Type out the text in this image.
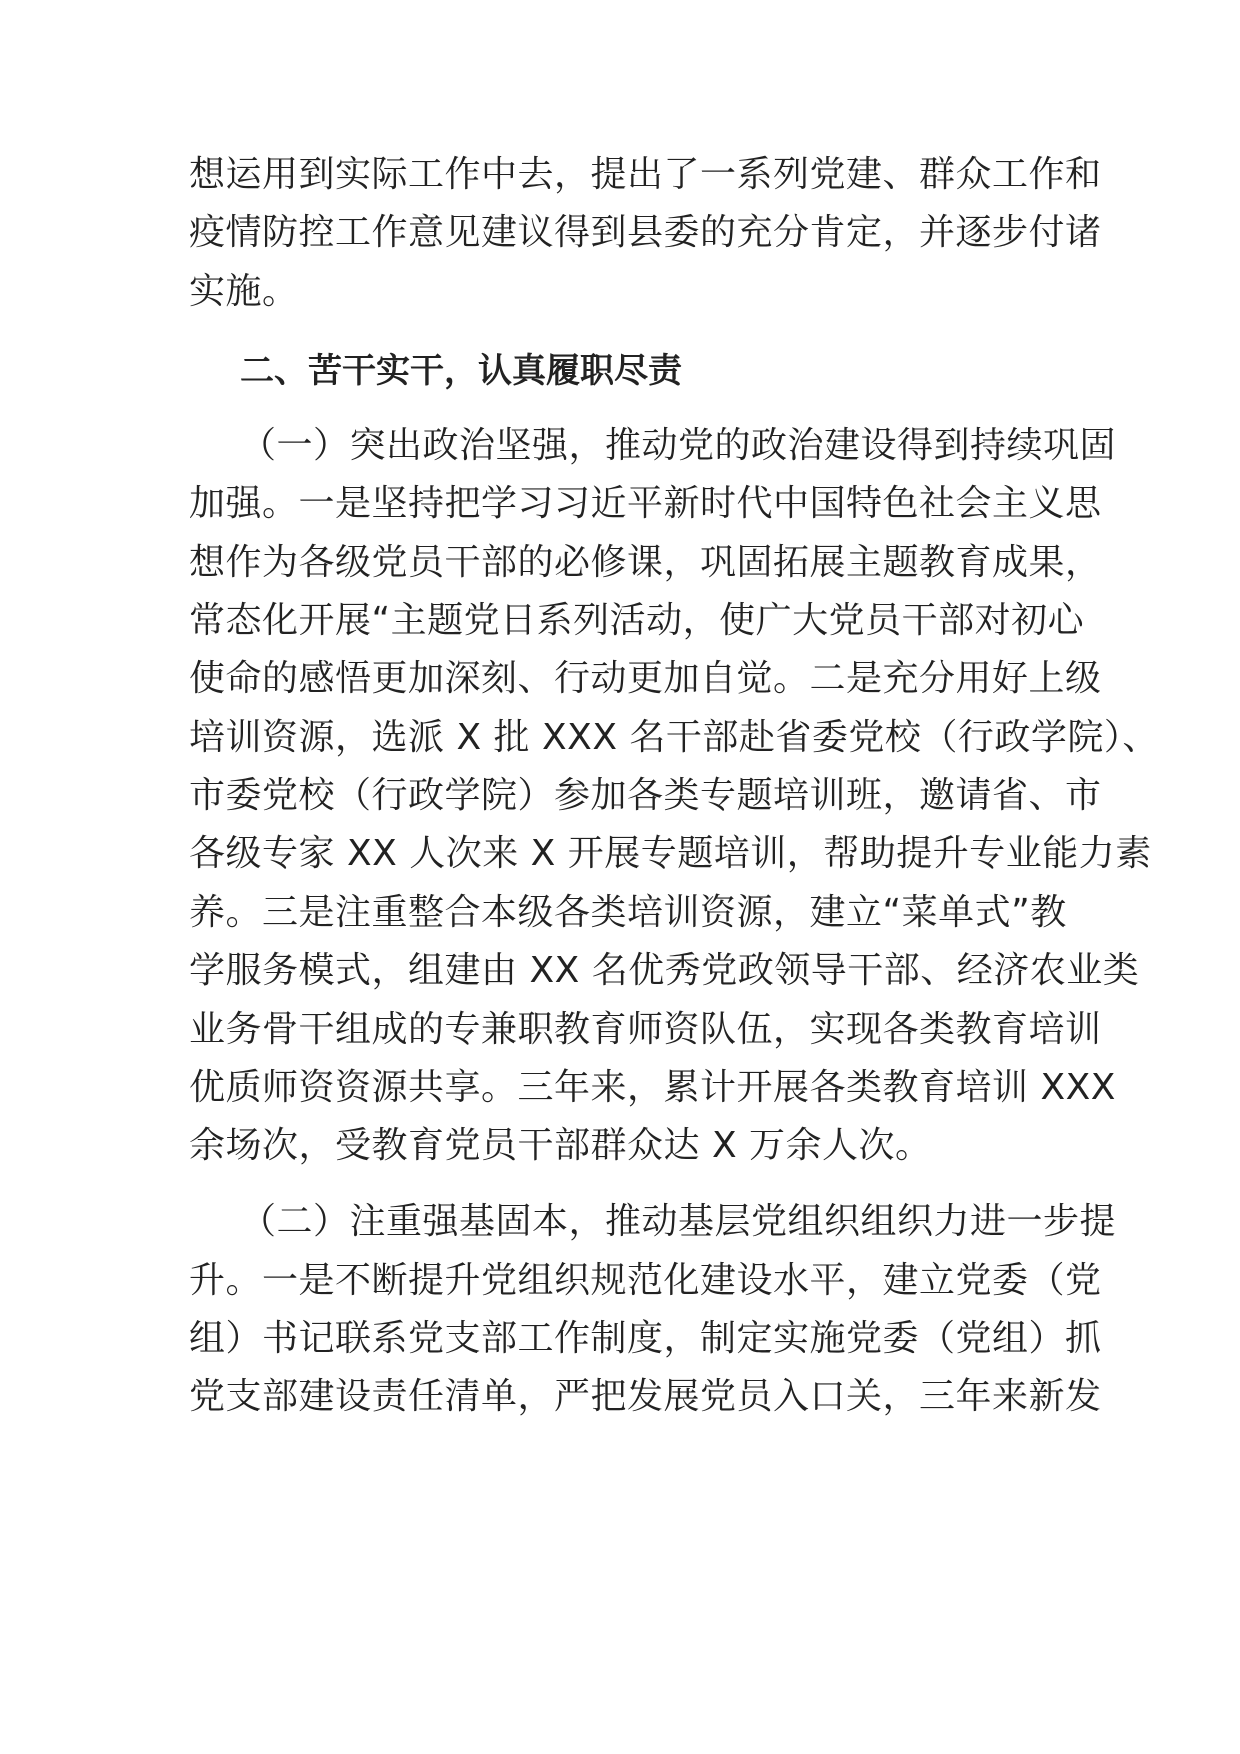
想运用到实际工作中去，提出了一系列党建、群众工作和
疫情防控工作意见建议得到县委的充分肯定，并逐步付诸
实施。
二、苦干实干，认真履职尽责
（一）突出政治坚强，推动党的政治建设得到持续巩固
加强。一是坚持把学习习近平新时代中国特色社会主义思
想作为各级党员干部的必修课，巩固拓展主题教育成果，
常态化开展“主题党日系列活动，使广大党员干部对初心
使命的感悟更加深刻、行动更加自觉。二是充分用好上级
培训资源，选派 X 批 XXX 名干部赴省委党校（行政学院）、
市委党校（行政学院）参加各类专题培训班，邀请省、市
各级专家 XX 人次来 X 开展专题培训，帮助提升专业能力素
养。三是注重整合本级各类培训资源，建立“菜单式”教
学服务模式，组建由 XX 名优秀党政领导干部、经济农业类
业务骨干组成的专兼职教育师资队伍，实现各类教育培训
优质师资资源共享。三年来，累计开展各类教育培训 XXX
余场次，受教育党员干部群众达 X 万余人次。
（二）注重强基固本，推动基层党组织组织力进一步提
升。一是不断提升党组织规范化建设水平，建立党委（党
组）书记联系党支部工作制度，制定实施党委（党组）抓
党支部建设责任清单，严把发展党员入口关，三年来新发
